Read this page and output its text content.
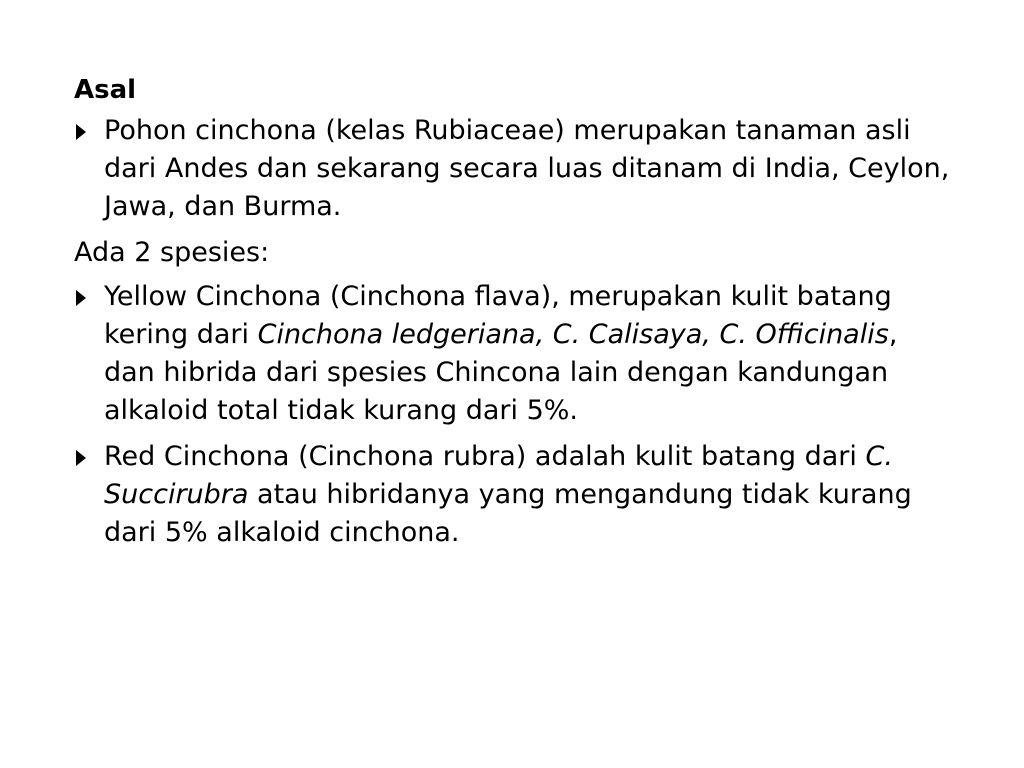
Asal
Pohon cinchona (kelas Rubiaceae) merupakan tanaman asli dari Andes dan sekarang secara luas ditanam di India, Ceylon, Jawa, dan Burma.
Ada 2 spesies:
Yellow Cinchona (Cinchona flava), merupakan kulit batang kering dari Cinchona ledgeriana, C. Calisaya, C. Officinalis, dan hibrida dari spesies Chincona lain dengan kandungan alkaloid total tidak kurang dari 5%.
Red Cinchona (Cinchona rubra) adalah kulit batang dari C. Succirubra atau hibridanya yang mengandung tidak kurang dari 5% alkaloid cinchona.
